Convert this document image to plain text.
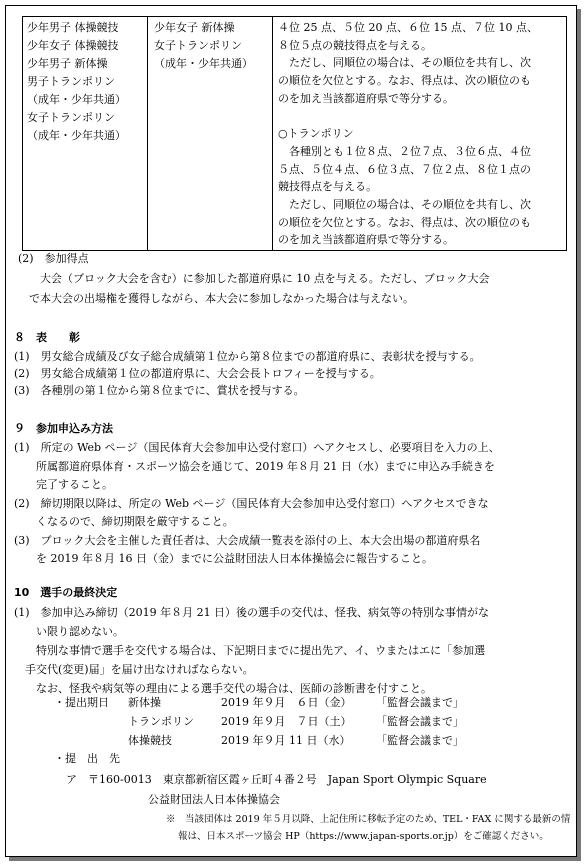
少年男子 体操競技
少年女子 体操競技
少年男子 新体操
男子トランポリン
（成年・少年共通）
女子トランポリン
（成年・少年共通）
少年女子 新体操
女子トランポリン
（成年・少年共通）
４位 25 点、５位 20 点、６位 15 点、７位 10 点、
８位５点の競技得点を与える。
　ただし、同順位の場合は、その順位を共有し、次
の順位を欠位とする。なお、得点は、次の順位のも
のを加え当該都道府県で等分する。
○トランポリン
　各種別とも１位８点、２位７点、３位６点、４位
５点、５位４点、６位３点、７位２点、８位１点の
競技得点を与える。
　ただし、同順位の場合は、その順位を共有し、次
の順位を欠位とする。なお、得点は、次の順位のも
のを加え当該都道府県で等分する。
(2)　参加得点
　　大会（ブロック大会を含む）に参加した都道府県に 10 点を与える。ただし、ブロック大会
　で本大会の出場権を獲得しながら、本大会に参加しなかった場合は与えない。
８　表　　彰
(1)　男女総合成績及び女子総合成績第１位から第８位までの都道府県に、表彰状を授与する。
(2)　男女総合成績第１位の都道府県に、大会会長トロフィーを授与する。
(3)　各種別の第１位から第８位までに、賞状を授与する。
９　参加申込み方法
(1)　所定の Web ページ（国民体育大会参加申込受付窓口）へアクセスし、必要項目を入力の上、
　　所属都道府県体育・スポーツ協会を通じて、2019 年８月 21 日（水）までに申込み手続きを
　　完了すること。
(2)　締切期限以降は、所定の Web ページ（国民体育大会参加申込受付窓口）へアクセスできな
　　くなるので、締切期限を厳守すること。
(3)　ブロック大会を主催した責任者は、大会成績一覧表を添付の上、本大会出場の都道府県名
　　を 2019 年８月 16 日（金）までに公益財団法人日本体操協会に報告すること。
10　選手の最終決定
(1)　参加申込み締切（2019 年８月 21 日）後の選手の交代は、怪我、病気等の特別な事情がな
　　い限り認めない。
　　特別な事情で選手を交代する場合は、下記期日までに提出先ア、イ、ウまたはエに「参加選
　手交代(変更)届」を届け出なければならない。
　　なお、怪我や病気等の理由による選手交代の場合は、医師の診断書を付すこと。
・提出期日 新体操	2019 年９月　６日（金） 「監督会議まで」
トランポリン 2019 年９月　７日（土） 「監督会議まで」
体操競技	2019 年９月 11 日（水） 「監督会議まで」
・提　出　先
ア　〒160-0013　東京都新宿区霞ヶ丘町４番２号　Japan Sport Olympic Square
公益財団法人日本体操協会
※　当該団体は 2019 年５月以降、上記住所に移転予定のため、TEL・FAX に関する最新の情
報は、日本スポーツ協会 HP（https://www.japan-sports.or.jp）をご確認ください。
